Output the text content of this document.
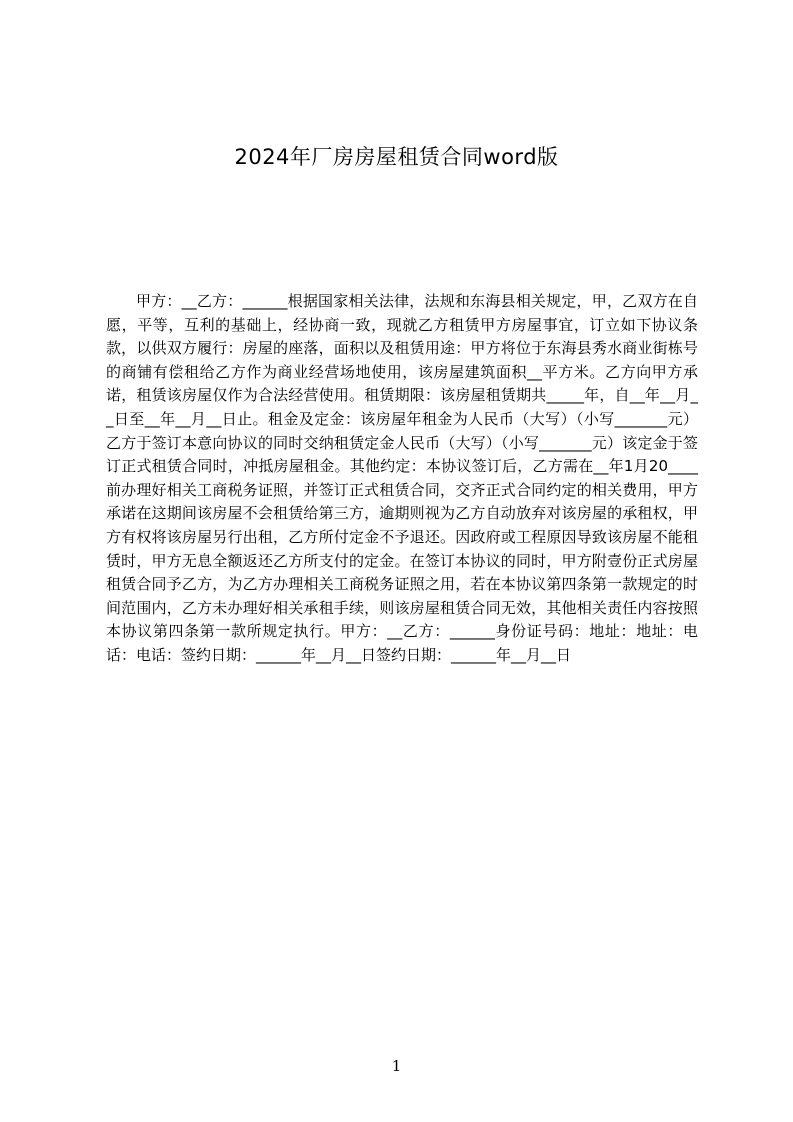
2024年厂房房屋租赁合同word版

甲方：__乙方：______根据国家相关法律，法规和东海县相关规定，甲，乙双方在自愿，平等，互利的基础上，经协商一致，现就乙方租赁甲方房屋事宜，订立如下协议条款，以供双方履行：房屋的座落，面积以及租赁用途：甲方将位于东海县秀水商业街栋号的商铺有偿租给乙方作为商业经营场地使用，该房屋建筑面积__平方米。乙方向甲方承诺，租赁该房屋仅作为合法经营使用。租赁期限：该房屋租赁期共_____年，自__年__月__日至__年__月__日止。租金及定金：该房屋年租金为人民币（大写）（小写_______元）乙方于签订本意向协议的同时交纳租赁定金人民币（大写）（小写_______元）该定金于签订正式租赁合同时，冲抵房屋租金。其他约定：本协议签订后，乙方需在__年1月20____前办理好相关工商税务证照，并签订正式租赁合同，交齐正式合同约定的相关费用，甲方承诺在这期间该房屋不会租赁给第三方，逾期则视为乙方自动放弃对该房屋的承租权，甲方有权将该房屋另行出租，乙方所付定金不予退还。因政府或工程原因导致该房屋不能租赁时，甲方无息全额返还乙方所支付的定金。在签订本协议的同时，甲方附壹份正式房屋租赁合同予乙方，为乙方办理相关工商税务证照之用，若在本协议第四条第一款规定的时间范围内，乙方未办理好相关承租手续，则该房屋租赁合同无效，其他相关责任内容按照本协议第四条第一款所规定执行。甲方：__乙方：______身份证号码：地址：地址：电话：电话：签约日期：______年__月__日签约日期：______年__月__日

1
